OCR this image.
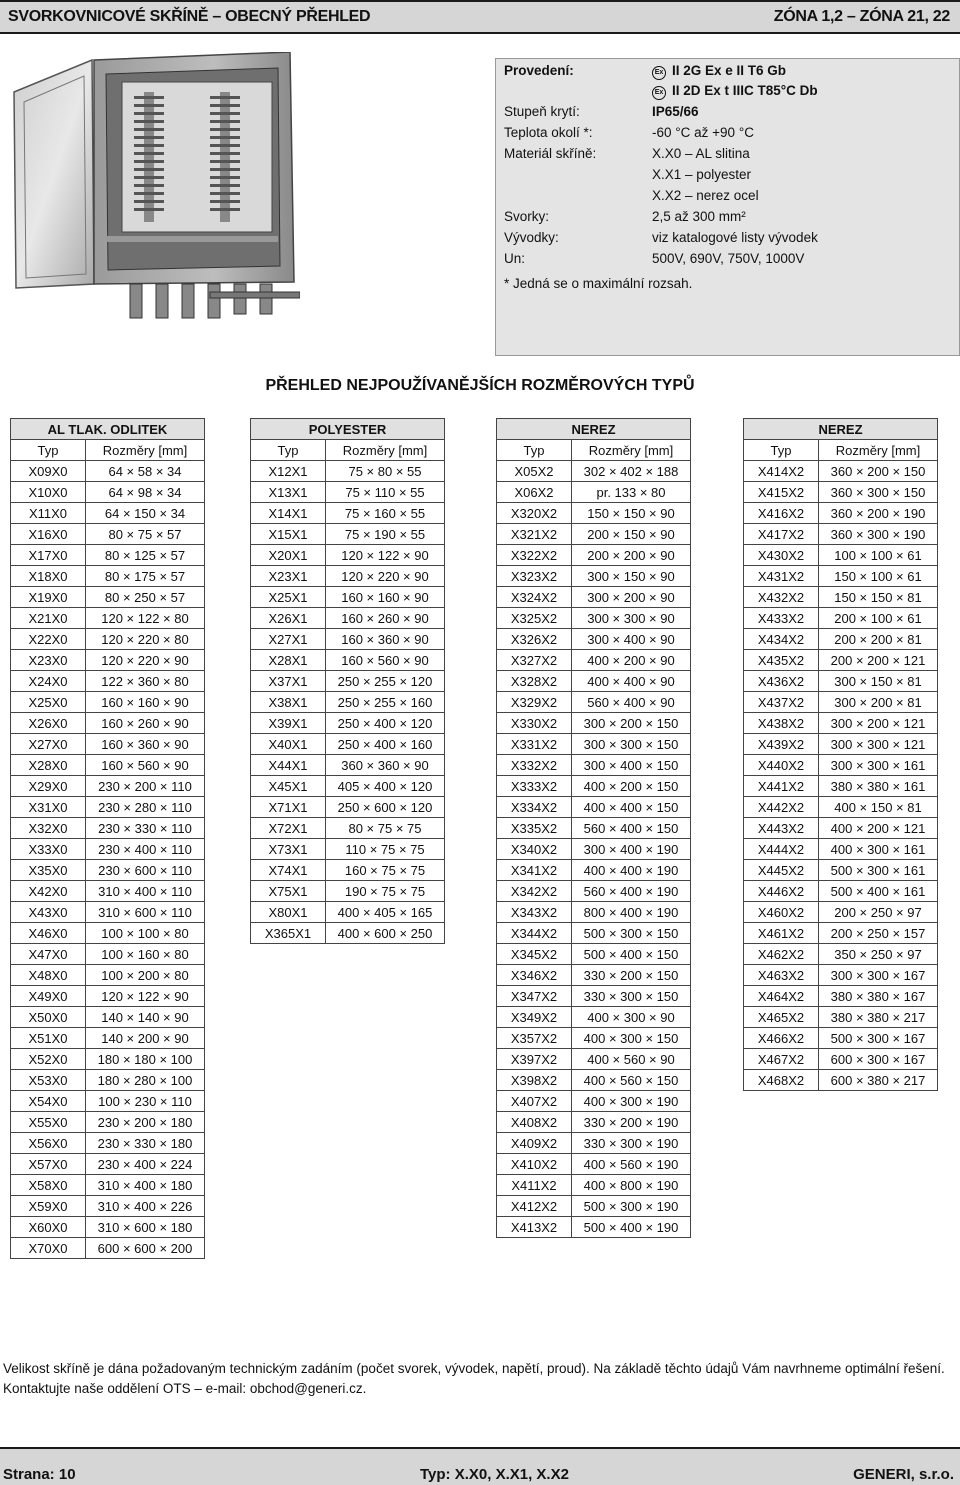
SVORKOVNICOVÉ SKŘÍNĚ – OBECNÝ PŘEHLED	ZÓNA 1,2 – ZÓNA 21, 22
Provedení:	Ex II 2G Ex e II T6 Gb
Ex II 2D Ex t IIIC T85°C Db
Stupeň krytí:	IP65/66
Teplota okolí *:	-60 °C až +90 °C
Materiál skříně:	X.X0 – AL slitina
X.X1 – polyester
X.X2 – nerez ocel
Svorky:	2,5 až 300 mm²
Vývodky:	viz katalogové listy vývodek
Un:	500V, 690V, 750V, 1000V
* Jedná se o maximální rozsah.
PŘEHLED NEJPOUŽÍVANĚJŠÍCH ROZMĚROVÝCH TYPŮ
AL TLAK. ODLITEK	
Typ	Rozměry [mm]
X09X0	64 × 58 × 34
X10X0	64 × 98 × 34
X11X0	64 × 150 × 34
X16X0	80 × 75 × 57
X17X0	80 × 125 × 57
X18X0	80 × 175 × 57
X19X0	80 × 250 × 57
X21X0	120 × 122 × 80
X22X0	120 × 220 × 80
X23X0	120 × 220 × 90
X24X0	122 × 360 × 80
X25X0	160 × 160 × 90
X26X0	160 × 260 × 90
X27X0	160 × 360 × 90
X28X0	160 × 560 × 90
X29X0	230 × 200 × 110
X31X0	230 × 280 × 110
X32X0	230 × 330 × 110
X33X0	230 × 400 × 110
X35X0	230 × 600 × 110
X42X0	310 × 400 × 110
X43X0	310 × 600 × 110
X46X0	100 × 100 × 80
X47X0	100 × 160 × 80
X48X0	100 × 200 × 80
X49X0	120 × 122 × 90
X50X0	140 × 140 × 90
X51X0	140 × 200 × 90
X52X0	180 × 180 × 100
X53X0	180 × 280 × 100
X54X0	100 × 230 × 110
X55X0	230 × 200 × 180
X56X0	230 × 330 × 180
X57X0	230 × 400 × 224
X58X0	310 × 400 × 180
X59X0	310 × 400 × 226
X60X0	310 × 600 × 180
X70X0	600 × 600 × 200
POLYESTER	
Typ	Rozměry [mm]
X12X1	75 × 80 × 55
X13X1	75 × 110 × 55
X14X1	75 × 160 × 55
X15X1	75 × 190 × 55
X20X1	120 × 122 × 90
X23X1	120 × 220 × 90
X25X1	160 × 160 × 90
X26X1	160 × 260 × 90
X27X1	160 × 360 × 90
X28X1	160 × 560 × 90
X37X1	250 × 255 × 120
X38X1	250 × 255 × 160
X39X1	250 × 400 × 120
X40X1	250 × 400 × 160
X44X1	360 × 360 × 90
X45X1	405 × 400 × 120
X71X1	250 × 600 × 120
X72X1	80 × 75 × 75
X73X1	110 × 75 × 75
X74X1	160 × 75 × 75
X75X1	190 × 75 × 75
X80X1	400 × 405 × 165
X365X1	400 × 600 × 250
NEREZ	
Typ	Rozměry [mm]
X05X2	302 × 402 × 188
X06X2	pr. 133 × 80
X320X2	150 × 150 × 90
X321X2	200 × 150 × 90
X322X2	200 × 200 × 90
X323X2	300 × 150 × 90
X324X2	300 × 200 × 90
X325X2	300 × 300 × 90
X326X2	300 × 400 × 90
X327X2	400 × 200 × 90
X328X2	400 × 400 × 90
X329X2	560 × 400 × 90
X330X2	300 × 200 × 150
X331X2	300 × 300 × 150
X332X2	300 × 400 × 150
X333X2	400 × 200 × 150
X334X2	400 × 400 × 150
X335X2	560 × 400 × 150
X340X2	300 × 400 × 190
X341X2	400 × 400 × 190
X342X2	560 × 400 × 190
X343X2	800 × 400 × 190
X344X2	500 × 300 × 150
X345X2	500 × 400 × 150
X346X2	330 × 200 × 150
X347X2	330 × 300 × 150
X349X2	400 × 300 × 90
X357X2	400 × 300 × 150
X397X2	400 × 560 × 90
X398X2	400 × 560 × 150
X407X2	400 × 300 × 190
X408X2	330 × 200 × 190
X409X2	330 × 300 × 190
X410X2	400 × 560 × 190
X411X2	400 × 800 × 190
X412X2	500 × 300 × 190
X413X2	500 × 400 × 190
NEREZ	
Typ	Rozměry [mm]
X414X2	360 × 200 × 150
X415X2	360 × 300 × 150
X416X2	360 × 200 × 190
X417X2	360 × 300 × 190
X430X2	100 × 100 × 61
X431X2	150 × 100 × 61
X432X2	150 × 150 × 81
X433X2	200 × 100 × 61
X434X2	200 × 200 × 81
X435X2	200 × 200 × 121
X436X2	300 × 150 × 81
X437X2	300 × 200 × 81
X438X2	300 × 200 × 121
X439X2	300 × 300 × 121
X440X2	300 × 300 × 161
X441X2	380 × 380 × 161
X442X2	400 × 150 × 81
X443X2	400 × 200 × 121
X444X2	400 × 300 × 161
X445X2	500 × 300 × 161
X446X2	500 × 400 × 161
X460X2	200 × 250 × 97
X461X2	200 × 250 × 157
X462X2	350 × 250 × 97
X463X2	300 × 300 × 167
X464X2	380 × 380 × 167
X465X2	380 × 380 × 217
X466X2	500 × 300 × 167
X467X2	600 × 300 × 167
X468X2	600 × 380 × 217
Velikost skříně je dána požadovaným technickým zadáním (počet svorek, vývodek, napětí, proud). Na základě těchto údajů Vám navrhneme optimální řešení.
Kontaktujte naše oddělení OTS – e-mail: obchod@generi.cz.
Strana: 10	Typ: X.X0, X.X1, X.X2	GENERI, s.r.o.
